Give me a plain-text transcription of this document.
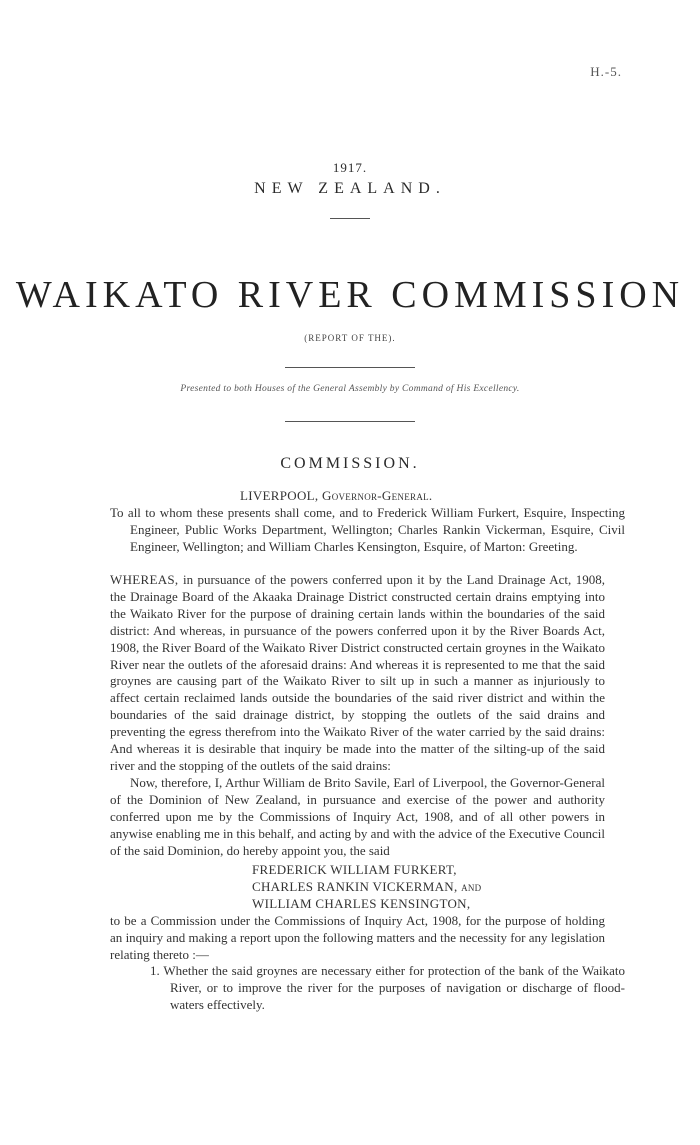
H.-5.
1917.
NEW ZEALAND.
WAIKATO RIVER COMMISSION
(REPORT OF THE).
Presented to both Houses of the General Assembly by Command of His Excellency.
COMMISSION.
LIVERPOOL, Governor-General.
To all to whom these presents shall come, and to Frederick William Furkert, Esquire, Inspecting Engineer, Public Works Department, Wellington; Charles Rankin Vickerman, Esquire, Civil Engineer, Wellington; and William Charles Kensington, Esquire, of Marton: Greeting.
WHEREAS, in pursuance of the powers conferred upon it by the Land Drainage Act, 1908, the Drainage Board of the Akaaka Drainage District constructed certain drains emptying into the Waikato River for the purpose of draining certain lands within the boundaries of the said district: And whereas, in pursuance of the powers conferred upon it by the River Boards Act, 1908, the River Board of the Waikato River District constructed certain groynes in the Waikato River near the outlets of the aforesaid drains: And whereas it is represented to me that the said groynes are causing part of the Waikato River to silt up in such a manner as injuriously to affect certain reclaimed lands outside the boundaries of the said river district and within the boundaries of the said drainage district, by stopping the outlets of the said drains and preventing the egress therefrom into the Waikato River of the water carried by the said drains: And whereas it is desirable that inquiry be made into the matter of the silting-up of the said river and the stopping of the outlets of the said drains:
Now, therefore, I, Arthur William de Brito Savile, Earl of Liverpool, the Governor-General of the Dominion of New Zealand, in pursuance and exercise of the power and authority conferred upon me by the Commissions of Inquiry Act, 1908, and of all other powers in anywise enabling me in this behalf, and acting by and with the advice of the Executive Council of the said Dominion, do hereby appoint you, the said
FREDERICK WILLIAM FURKERT,
CHARLES RANKIN VICKERMAN, and
WILLIAM CHARLES KENSINGTON,
to be a Commission under the Commissions of Inquiry Act, 1908, for the purpose of holding an inquiry and making a report upon the following matters and the necessity for any legislation relating thereto :—
1. Whether the said groynes are necessary either for protection of the bank of the Waikato River, or to improve the river for the purposes of navigation or discharge of flood-waters effectively.
